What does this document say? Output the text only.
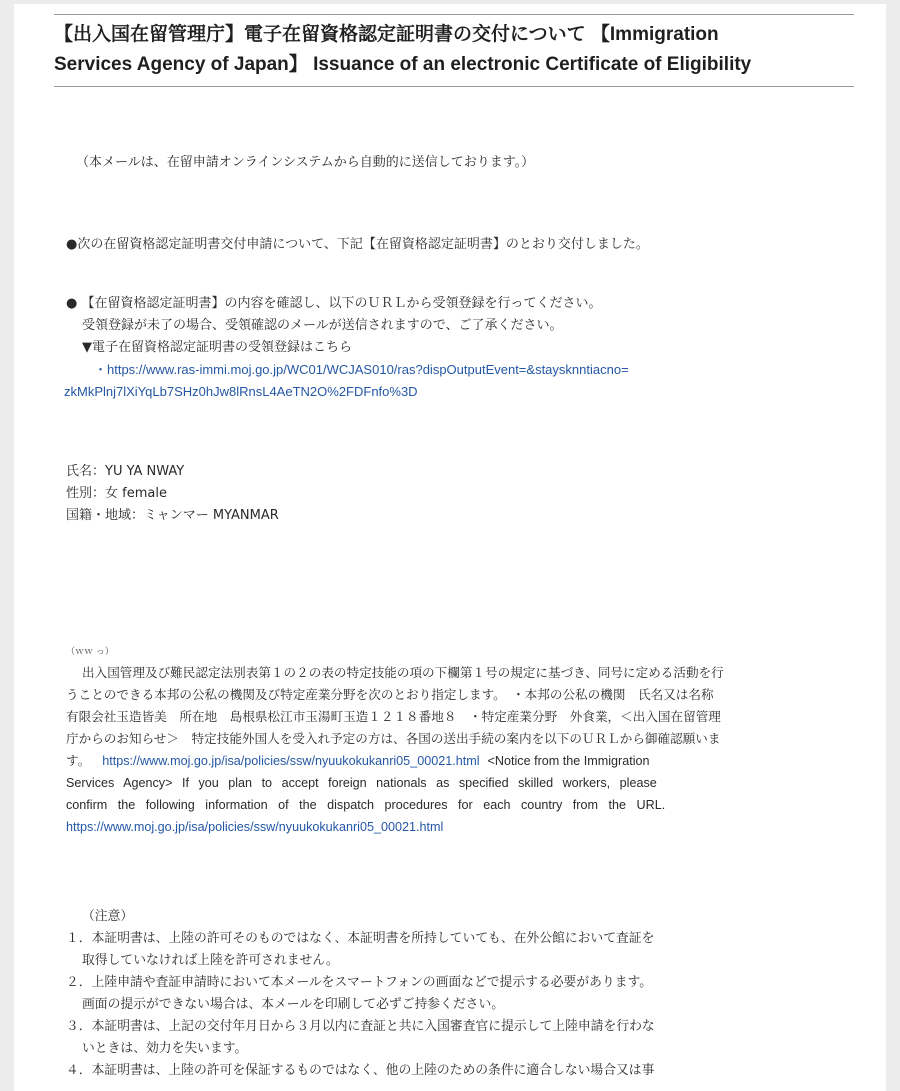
【出入国在留管理庁】電子在留資格認定証明書の交付について 【Immigration
Services Agency of Japan】 Issuance of an electronic Certificate of Eligibility
（本メールは、在留申請オンラインシステムから自動的に送信しております。）
●次の在留資格認定証明書交付申請について、下記【在留資格認定証明書】のとおり交付しました。
● 【在留資格認定証明書】の内容を確認し、以下のＵＲＬから受領登録を行ってください。
受領登録が未了の場合、受領確認のメールが送信されますので、ご了承ください。
▼電子在留資格認定証明書の受領登録はこちら
・https://www.ras-immi.moj.go.jp/WC01/WCJAS010/ras?dispOutputEvent=&staysknntiacno=
zkMkPlnj7lXiYqLb7SHz0hJw8lRnsL4AeTN2O%2FDFnfo%3D
氏名：YU YA NWAY
性別：女 female
国籍・地域：ミャンマー MYANMAR
（ｗｗ っ）
出入国管理及び難民認定法別表第１の２の表の特定技能の項の下欄第１号の規定に基づき、同号に定める活動を行
うことのできる本邦の公私の機関及び特定産業分野を次のとおり指定します。　・本邦の公私の機関　氏名又は名称
有限会社玉造皆美　所在地　島根県松江市玉湯町玉造１２１８番地８　・特定産業分野　外食業，＜出入国在留管理
庁からのお知らせ＞　特定技能外国人を受入れ予定の方は、各国の送出手続の案内を以下のＵＲＬから御確認願いま
す。 https://www.moj.go.jp/isa/policies/ssw/nyuukokukanri05_00021.html <Notice from the Immigration
Services Agency> If you plan to accept foreign nationals as specified skilled workers, please
confirm the following information of the dispatch procedures for each country from the URL.
https://www.moj.go.jp/isa/policies/ssw/nyuukokukanri05_00021.html
（注意）
１．本証明書は、上陸の許可そのものではなく、本証明書を所持していても、在外公館において査証を
取得していなければ上陸を許可されません。
２．上陸申請や査証申請時において本メールをスマートフォンの画面などで提示する必要があります。
画面の提示ができない場合は、本メールを印刷して必ずご持参ください。
３．本証明書は、上記の交付年月日から３月以内に査証と共に入国審査官に提示して上陸申請を行わな
いときは、効力を失います。
４．本証明書は、上陸の許可を保証するものではなく、他の上陸のための条件に適合しない場合又は事
